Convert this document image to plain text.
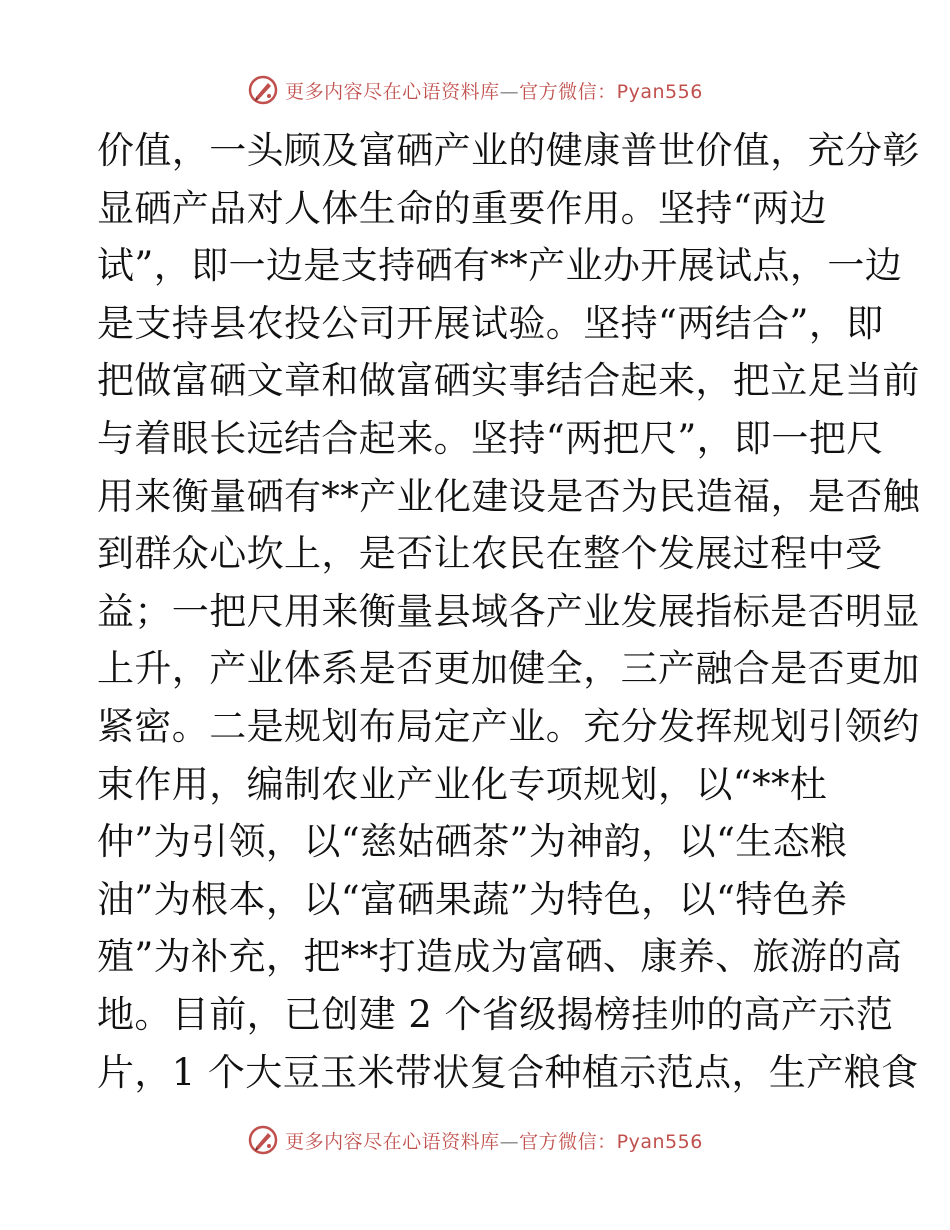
更多内容尽在心语资料库—官方微信：Pyan556
价值，一头顾及富硒产业的健康普世价值，充分彰
显硒产品对人体生命的重要作用。坚持“两边
试”，即一边是支持硒有**产业办开展试点，一边
是支持县农投公司开展试验。坚持“两结合”，即
把做富硒文章和做富硒实事结合起来，把立足当前
与着眼长远结合起来。坚持“两把尺”，即一把尺
用来衡量硒有**产业化建设是否为民造福，是否触
到群众心坎上，是否让农民在整个发展过程中受
益；一把尺用来衡量县域各产业发展指标是否明显
上升，产业体系是否更加健全，三产融合是否更加
紧密。二是规划布局定产业。充分发挥规划引领约
束作用，编制农业产业化专项规划，以“**杜
仲”为引领，以“慈姑硒茶”为神韵，以“生态粮
油”为根本，以“富硒果蔬”为特色，以“特色养
殖”为补充，把**打造成为富硒、康养、旅游的高
地。目前，已创建 2 个省级揭榜挂帅的高产示范
片，1 个大豆玉米带状复合种植示范点，生产粮食
更多内容尽在心语资料库—官方微信：Pyan556
